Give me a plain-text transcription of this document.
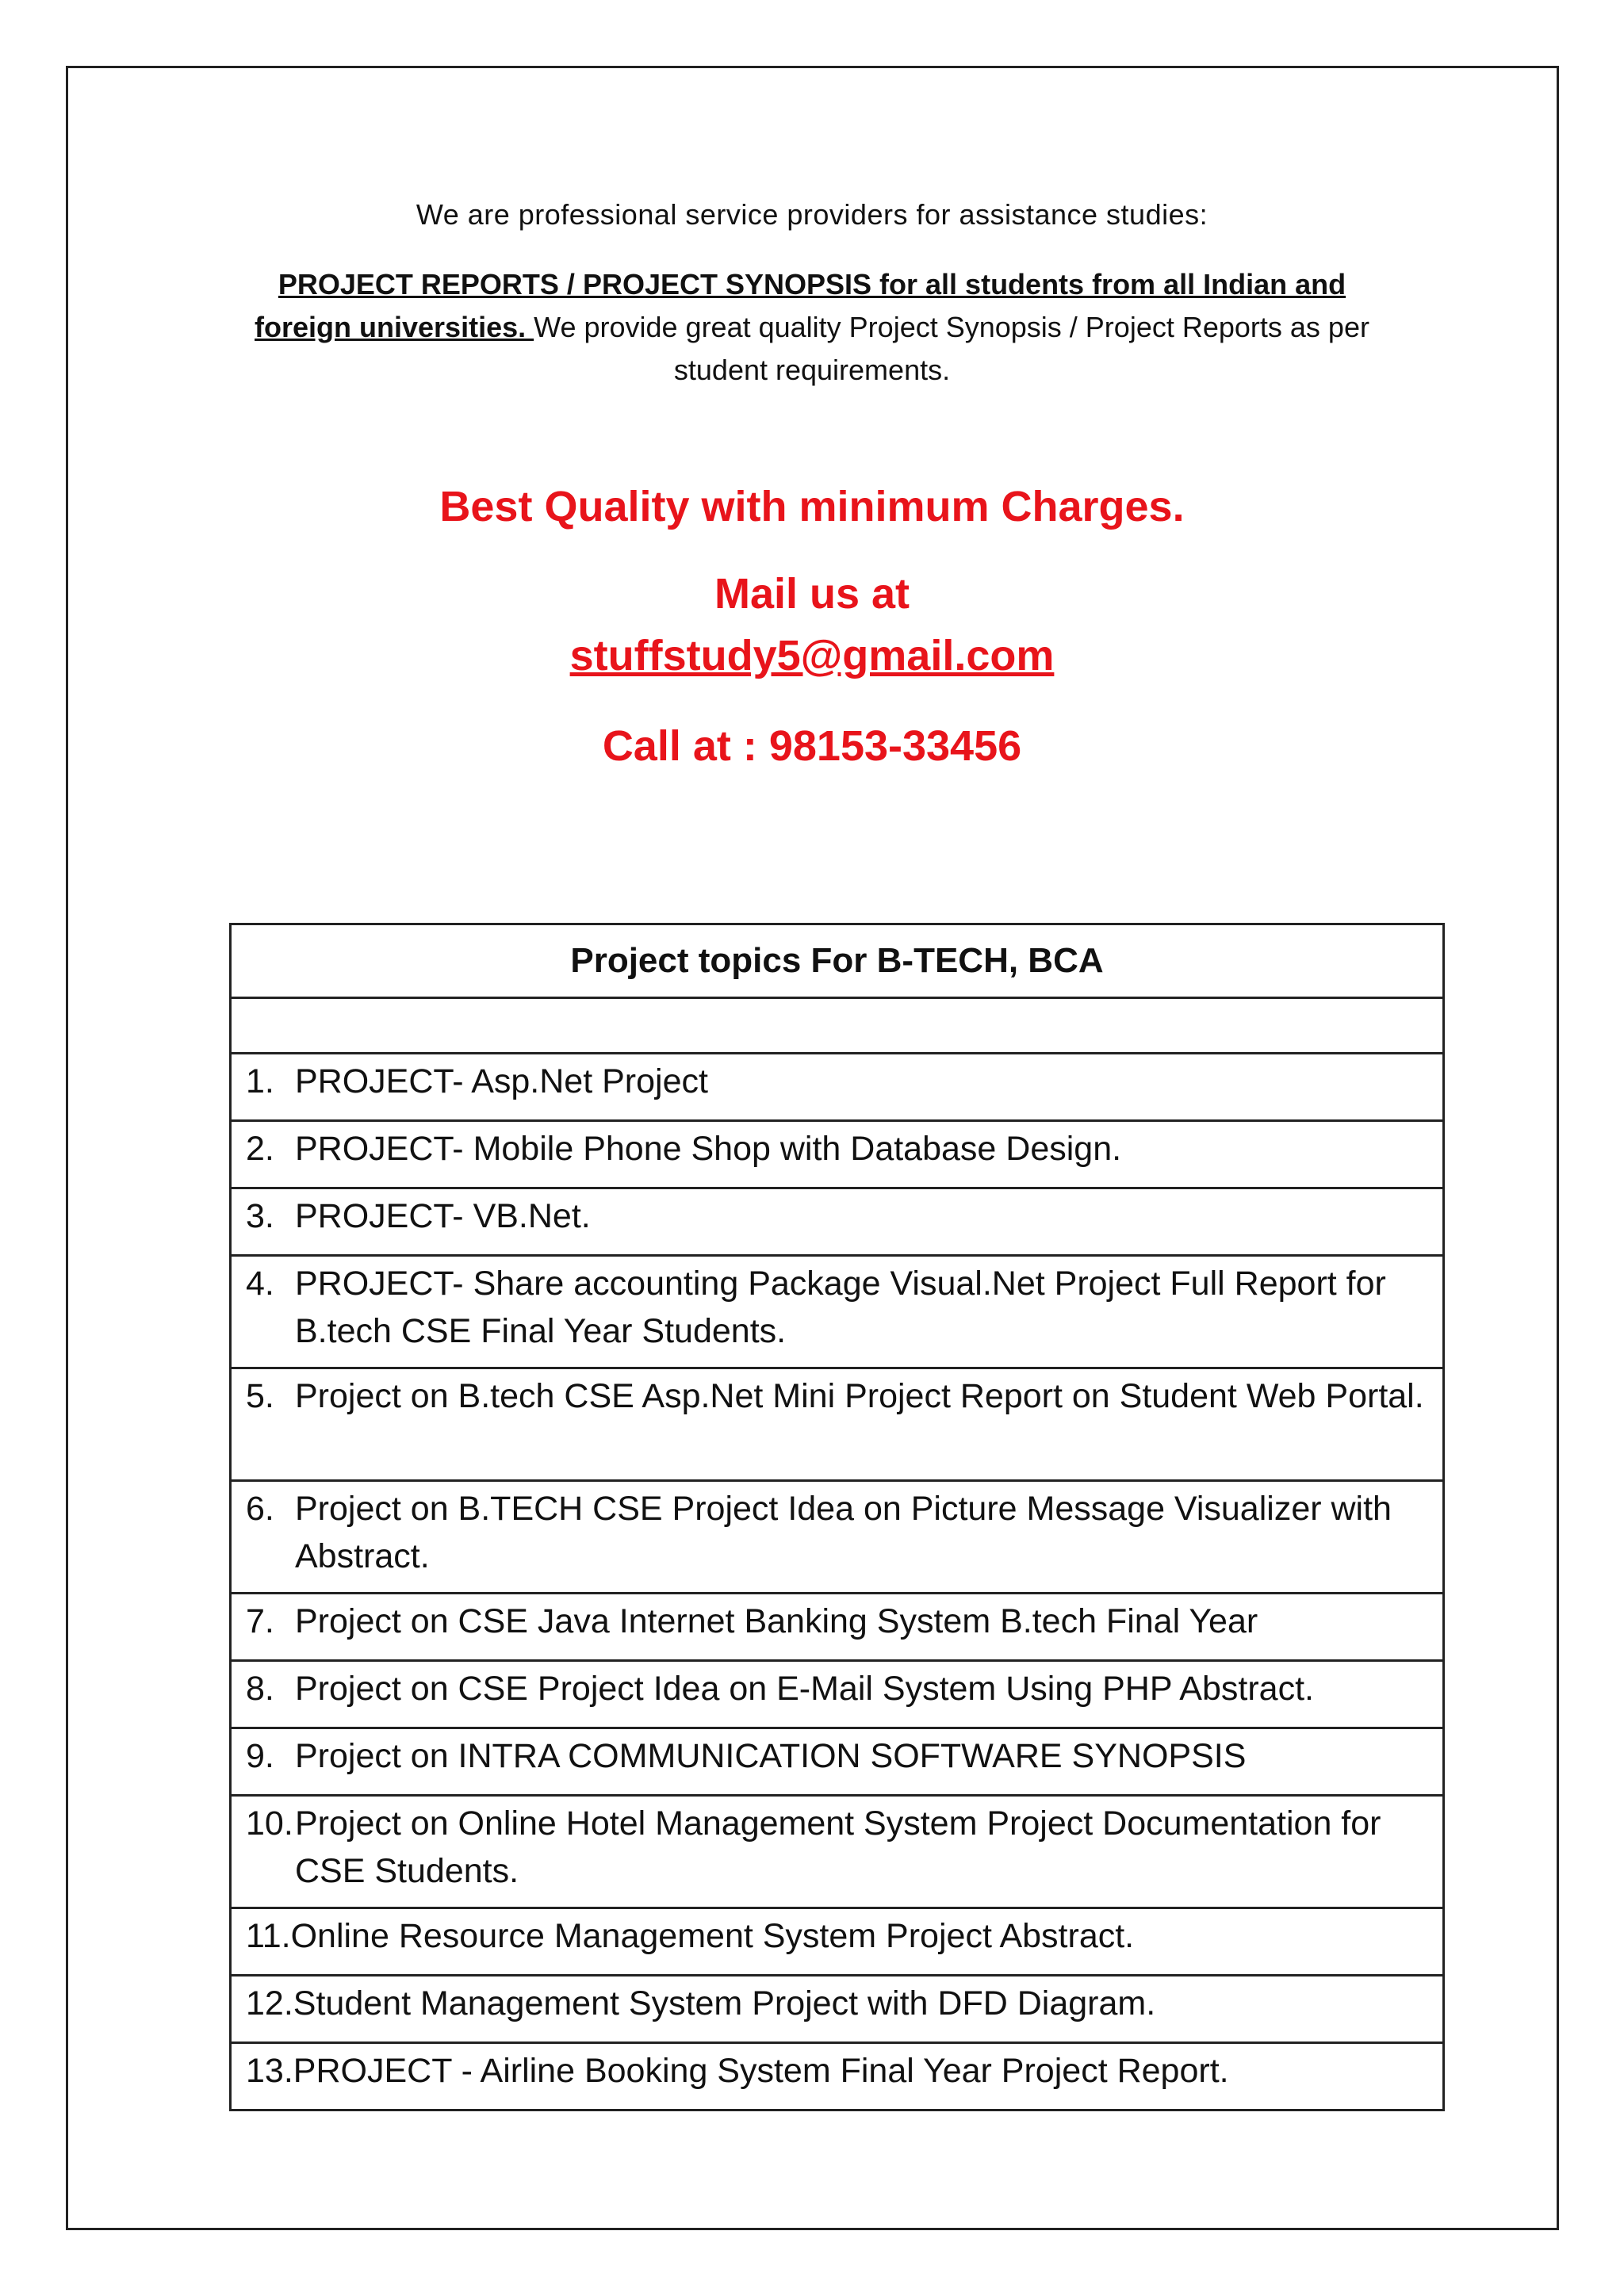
We are professional service providers for assistance studies:
PROJECT REPORTS / PROJECT SYNOPSIS for all students from all Indian and foreign universities. We provide great quality Project Synopsis / Project Reports as per student requirements.
Best Quality with minimum Charges.
Mail us at
stuffstudy5@gmail.com
Call at : 98153-33456
Project topics For B-TECH, BCA

1. PROJECT- Asp.Net Project

2. PROJECT- Mobile Phone Shop with Database Design.

3. PROJECT- VB.Net.

4. PROJECT- Share accounting Package Visual.Net Project Full Report for B.tech CSE Final Year Students.

5. Project on B.tech CSE Asp.Net Mini Project Report on Student Web Portal.

6. Project on B.TECH CSE Project Idea on Picture Message Visualizer with Abstract.

7. Project on CSE Java Internet Banking System B.tech Final Year

8. Project on CSE Project Idea on E-Mail System Using PHP Abstract.

9. Project on INTRA COMMUNICATION SOFTWARE SYNOPSIS

10. Project on Online Hotel Management System Project Documentation for CSE Students.

11. Online Resource Management System Project Abstract.

12. Student Management System Project with DFD Diagram.

13. PROJECT - Airline Booking System Final Year Project Report.
